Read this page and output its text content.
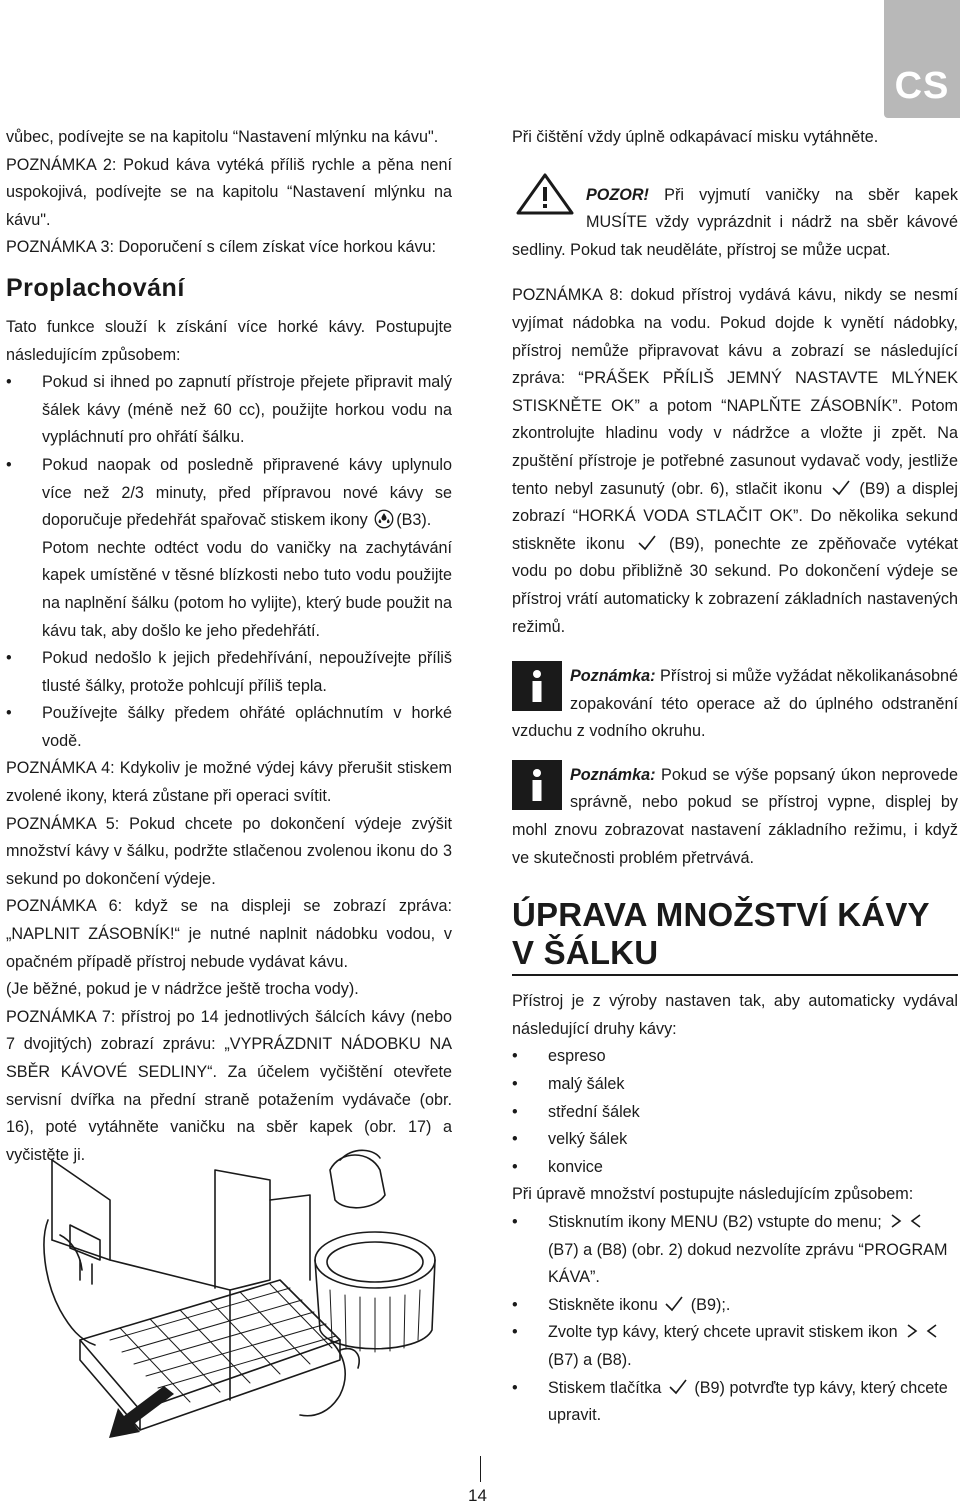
CS

vůbec, podívejte se na kapitolu “Nastavení mlýnku na kávu".

POZNÁMKA 2: Pokud káva vytéká příliš rychle a pěna není uspokojivá, podívejte se na kapitolu “Nastavení mlýnku na kávu".

POZNÁMKA 3: Doporučení s cílem získat více horkou kávu:

Proplachování

Tato funkce slouží k získání více horké kávy. Postupujte následujícím způsobem:

• Pokud si ihned po zapnutí přístroje přejete připravit malý šálek kávy (méně než 60 cc), použijte horkou vodu na vypláchnutí pro ohřátí šálku.
• Pokud naopak od posledně připravené kávy uplynulo více než 2/3 minuty, před přípravou nové kávy se doporučuje předehřát spařovač stiskem ikony (B3).
Potom nechte odtéct vodu do vaničky na zachytávání kapek umístěné v těsné blízkosti nebo tuto vodu použijte na naplnění šálku (potom ho vylijte), který bude použit na kávu tak, aby došlo ke jeho předehřátí.
• Pokud nedošlo k jejich předehřívání, nepoužívejte příliš tlusté šálky, protože pohlcují příliš tepla.
• Používejte šálky předem ohřáté opláchnutím v horké vodě.

POZNÁMKA 4: Kdykoliv je možné výdej kávy přerušit stiskem zvolené ikony, která zůstane při operaci svítit.

POZNÁMKA 5: Pokud chcete po dokončení výdeje zvýšit množství kávy v šálku, podržte stlačenou zvolenou ikonu do 3 sekund po dokončení výdeje.

POZNÁMKA 6: když se na displeji se zobrazí zpráva: „NAPLNIT ZÁSOBNÍK!“ je nutné naplnit nádobku vodou, v opačném případě přístroj nebude vydávat kávu.

(Je běžné, pokud je v nádržce ještě trocha vody).

POZNÁMKA 7: přístroj po 14 jednotlivých šálcích kávy (nebo 7 dvojitých) zobrazí zprávu: „VYPRÁZDNIT NÁDOBKU NA SBĚR KÁVOVÉ SEDLINY“. Za účelem vyčištění otevřete servisní dvířka na přední straně potažením vydávače (obr. 16), poté vytáhněte vaničku na sběr kapek (obr. 17) a vyčistěte ji.

14

Při čištění vždy úplně odkapávací misku vytáhněte.

POZOR! Při vyjmutí vaničky na sběr kapek MUSÍTE vždy vyprázdnit i nádrž na sběr kávové sedliny. Pokud tak neuděláte, přístroj se může ucpat.

POZNÁMKA 8: dokud přístroj vydává kávu, nikdy se nesmí vyjímat nádobka na vodu. Pokud dojde k vynětí nádobky, přístroj nemůže připravovat kávu a zobrazí se následující zpráva: “PRÁŠEK PŘÍLIŠ JEMNÝ NASTAVTE MLÝNEK STISKNĚTE OK” a potom “NAPLŇTE ZÁSOBNÍK”. Potom zkontrolujte hladinu vody v nádržce a vložte ji zpět. Na zpuštění přístroje je potřebné zasunout vydavač vody, jestliže tento nebyl zasunutý (obr. 6), stlačit ikonu (B9) a displej zobrazí “HORKÁ VODA STLAČIT OK”. Do několika sekund stiskněte ikonu	(B9), ponechte ze zpěňovače vytékat vodu po dobu přibližně 30 sekund. Po dokončení výdeje se přístroj vrátí automaticky k zobrazení základních nastavených režimů.

Poznámka: Přístroj si může vyžádat několikanásobné zopakování této operace až do úplného odstranění vzduchu z vodního okruhu.

Poznámka: Pokud se výše popsaný úkon neprovede správně, nebo pokud se přístroj vypne, displej by mohl znovu zobrazovat nastavení základního režimu, i když ve skutečnosti problém přetrvává.

ÚPRAVA MNOŽSTVÍ KÁVY V ŠÁLKU

Přístroj je z výroby nastaven tak, aby automaticky vydával následující druhy kávy:

• espreso
• malý šálek
• střední šálek
• velký šálek
• konvice

Při úpravě množství postupujte následujícím způsobem:

• Stisknutím ikony MENU (B2) vstupte do menu;
(B7) a (B8) (obr. 2) dokud nezvolíte zprávu “PROGRAM KÁVA”.
• Stiskněte ikonu (B9);.
• Zvolte typ kávy, který chcete upravit stiskem ikon
(B7) a (B8).
• Stiskem tlačítka (B9) potvrďte typ kávy, který chcete upravit.
